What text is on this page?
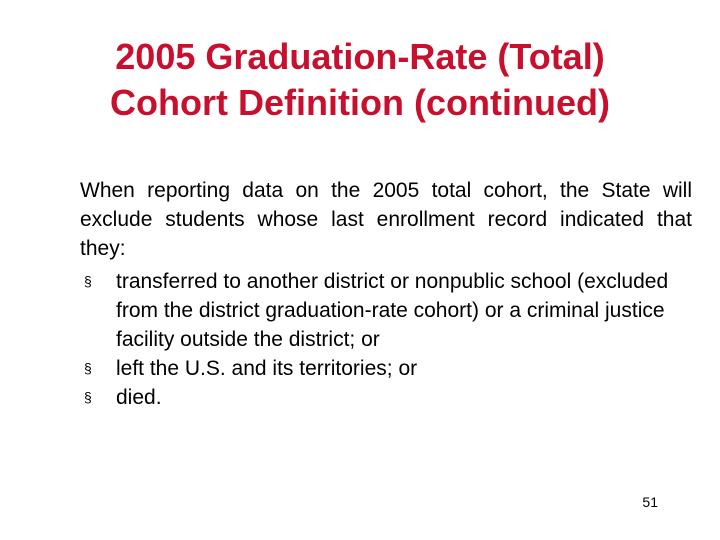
2005 Graduation-Rate (Total)
Cohort Definition (continued)

When reporting data on the 2005 total cohort, the State will exclude students whose last enrollment record indicated that they:

§ transferred to another district or nonpublic school (excluded from the district graduation-rate cohort) or a criminal justice facility outside the district; or
§ left the U.S. and its territories; or
§ died.
51
